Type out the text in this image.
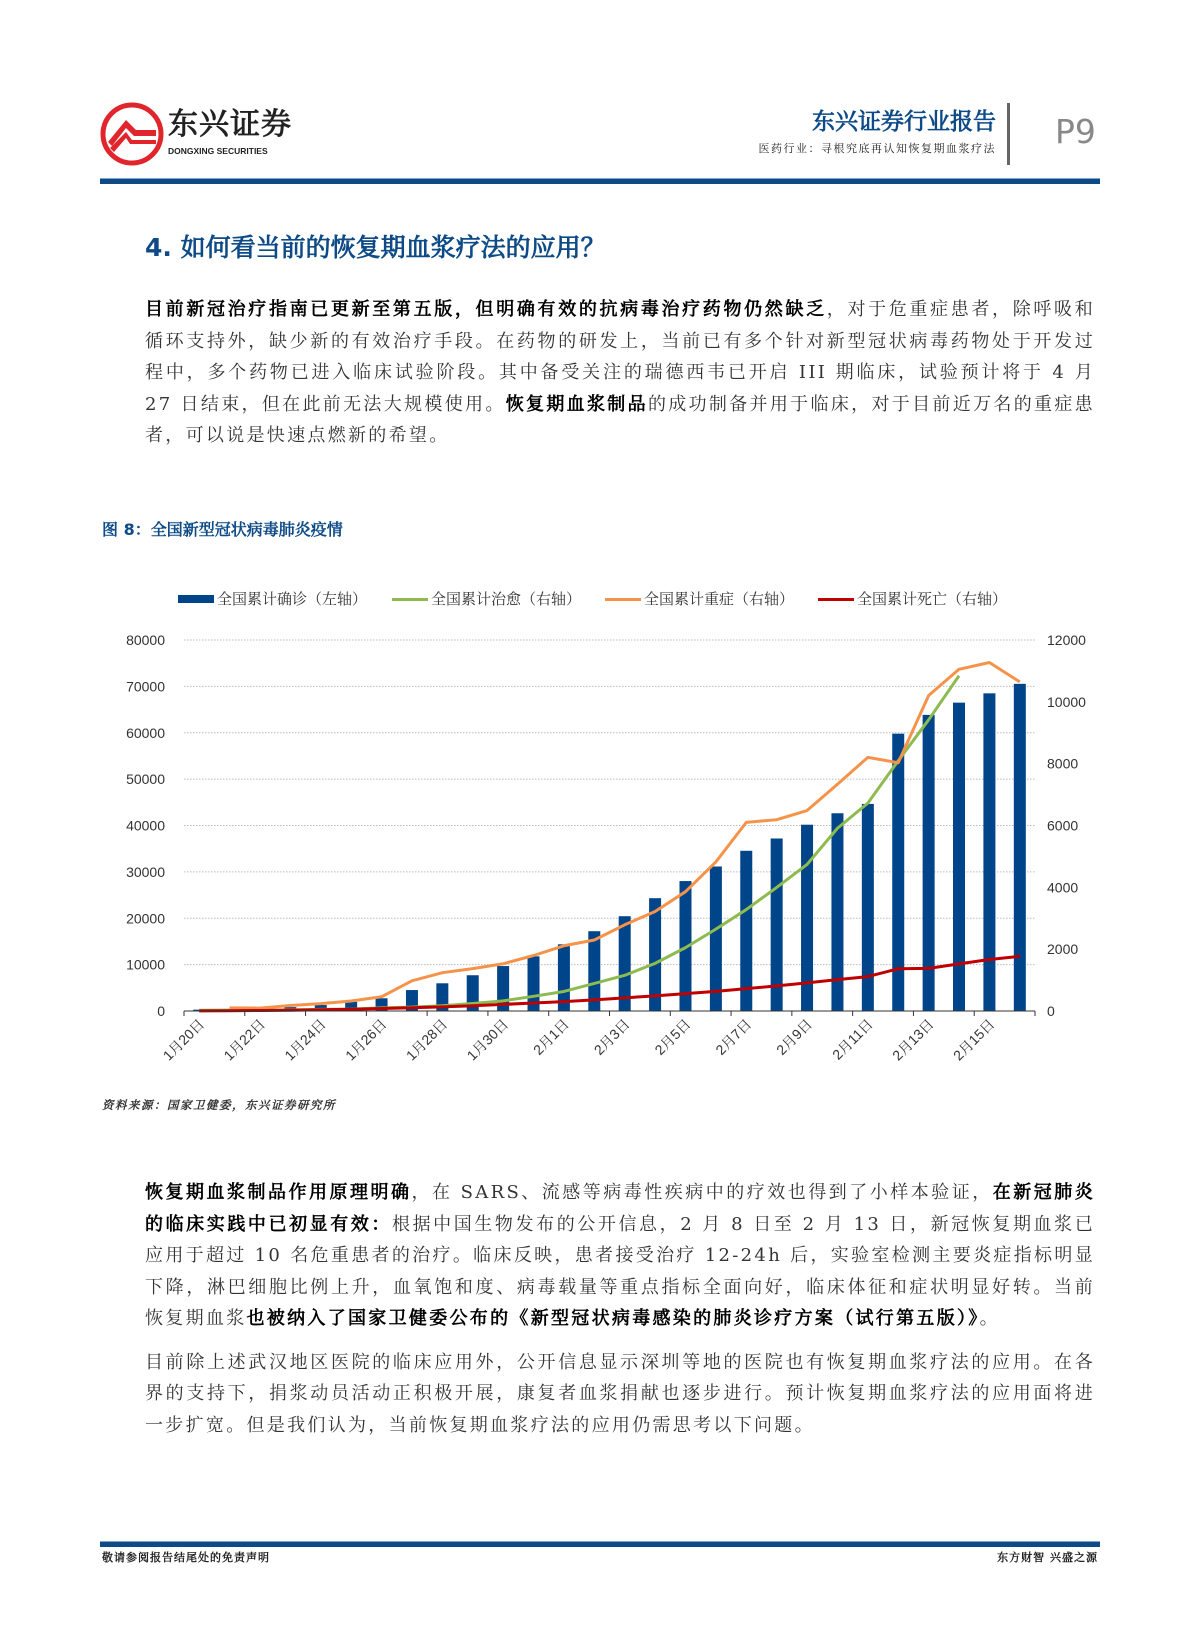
东兴证券
DONGXING SECURITIES
东兴证券行业报告
医药行业：寻根究底再认知恢复期血浆疗法 P9
4. 如何看当前的恢复期血浆疗法的应用？
目前新冠治疗指南已更新至第五版，但明确有效的抗病毒治疗药物仍然缺乏，对于危重症患者，除呼吸和循环支持外，缺少新的有效治疗手段。在药物的研发上，当前已有多个针对新型冠状病毒药物处于开发过程中，多个药物已进入临床试验阶段。其中备受关注的瑞德西韦已开启 III 期临床，试验预计将于 4 月 27 日结束，但在此前无法大规模使用。恢复期血浆制品的成功制备并用于临床，对于目前近万名的重症患者，可以说是快速点燃新的希望。
图 8：全国新型冠状病毒肺炎疫情
全国累计确诊（左轴）	全国累计治愈（右轴）	全国累计重症（右轴）	全国累计死亡（右轴）
0
10000
20000
30000
40000
50000
60000
70000
80000
0
2000
4000
6000
8000
10000
12000
1月20日 1月22日 1月24日 1月26日 1月28日 1月30日 2月1日 2月3日 2月5日 2月7日 2月9日 2月11日 2月13日 2月15日
资料来源：国家卫健委，东兴证券研究所
恢复期血浆制品作用原理明确，在 SARS、流感等病毒性疾病中的疗效也得到了小样本验证，在新冠肺炎的临床实践中已初显有效：根据中国生物发布的公开信息，2 月 8 日至 2 月 13 日，新冠恢复期血浆已应用于超过 10 名危重患者的治疗。临床反映，患者接受治疗 12-24h 后，实验室检测主要炎症指标明显下降，淋巴细胞比例上升，血氧饱和度、病毒载量等重点指标全面向好，临床体征和症状明显好转。当前恢复期血浆也被纳入了国家卫健委公布的《新型冠状病毒感染的肺炎诊疗方案（试行第五版）》。
目前除上述武汉地区医院的临床应用外，公开信息显示深圳等地的医院也有恢复期血浆疗法的应用。在各界的支持下，捐浆动员活动正积极开展，康复者血浆捐献也逐步进行。预计恢复期血浆疗法的应用面将进一步扩宽。但是我们认为，当前恢复期血浆疗法的应用仍需思考以下问题。
敬请参阅报告结尾处的免责声明	东方财智 兴盛之源
